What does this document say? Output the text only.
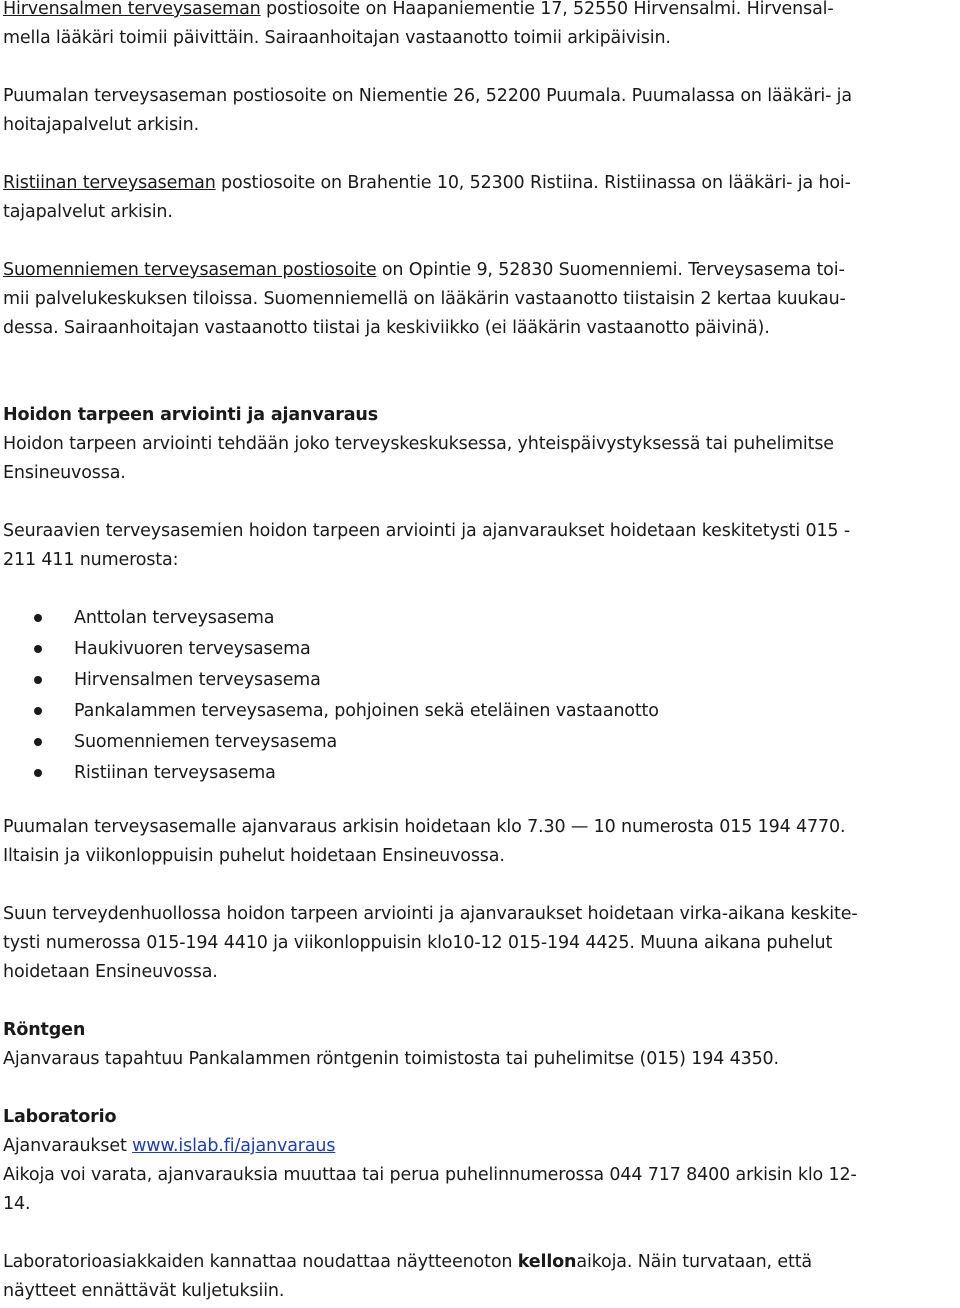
Hirvensalmen terveysaseman postiosoite on Haapaniementie 17, 52550 Hirvensalmi. Hirvensal-
mella lääkäri toimii päivittäin. Sairaanhoitajan vastaanotto toimii arkipäivisin.

Puumalan terveysaseman postiosoite on Niementie 26, 52200 Puumala. Puumalassa on lääkäri- ja
hoitajapalvelut arkisin.

Ristiinan terveysaseman postiosoite on Brahentie 10, 52300 Ristiina. Ristiinassa on lääkäri- ja hoi-
tajapalvelut arkisin.

Suomenniemen terveysaseman postiosoite on Opintie 9, 52830 Suomenniemi. Terveysasema toi-
mii palvelukeskuksen tiloissa. Suomenniemellä on lääkärin vastaanotto tiistaisin 2 kertaa kuukau-
dessa. Sairaanhoitajan vastaanotto tiistai ja keskiviikko (ei lääkärin vastaanotto päivinä).

Hoidon tarpeen arviointi ja ajanvaraus

Hoidon tarpeen arviointi tehdään joko terveyskeskuksessa, yhteispäivystyksessä tai puhelimitse
Ensineuvossa.

Seuraavien terveysasemien hoidon tarpeen arviointi ja ajanvaraukset hoidetaan keskitetysti 015 -
211 411 numerosta:

Anttolan terveysasema
Haukivuoren terveysasema
Hirvensalmen terveysasema
Pankalammen terveysasema, pohjoinen sekä eteläinen vastaanotto
Suomenniemen terveysasema
Ristiinan terveysasema

Puumalan terveysasemalle ajanvaraus arkisin hoidetaan klo 7.30 — 10 numerosta 015 194 4770.
Iltaisin ja viikonloppuisin puhelut hoidetaan Ensineuvossa.

Suun terveydenhuollossa hoidon tarpeen arviointi ja ajanvaraukset hoidetaan virka-aikana keskite-
tysti numerossa 015-194 4410 ja viikonloppuisin klo10-12 015-194 4425. Muuna aikana puhelut
hoidetaan Ensineuvossa.

Röntgen

Ajanvaraus tapahtuu Pankalammen röntgenin toimistosta tai puhelimitse (015) 194 4350.

Laboratorio

Ajanvaraukset www.islab.fi/ajanvaraus

Aikoja voi varata, ajanvarauksia muuttaa tai perua puhelinnumerossa 044 717 8400 arkisin klo 12-
14.

Laboratorioasiakkaiden kannattaa noudattaa näytteenoton kellonaikoja. Näin turvataan, että
näytteet ennättävät kuljetuksiin.
